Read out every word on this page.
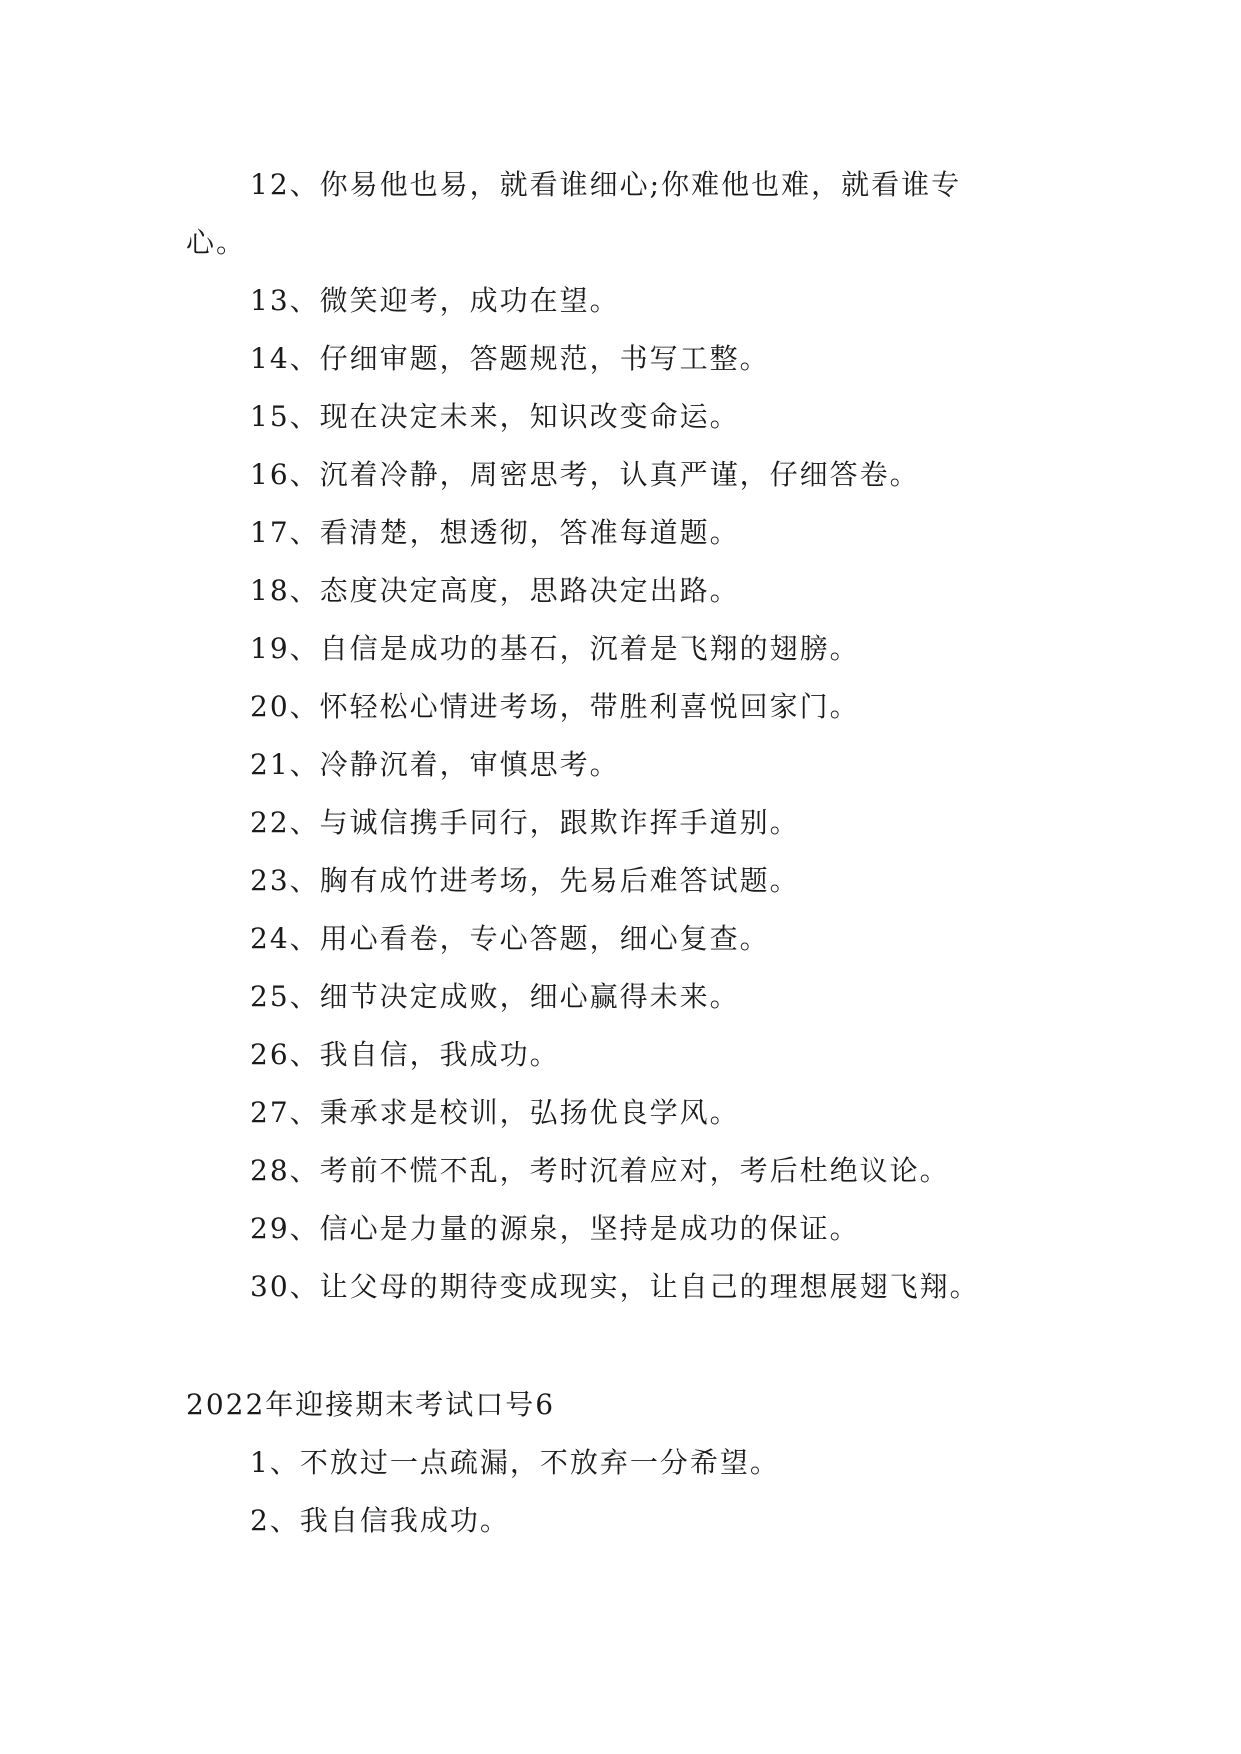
12、你易他也易，就看谁细心;你难他也难，就看谁专
心。
13、微笑迎考，成功在望。
14、仔细审题，答题规范，书写工整。
15、现在决定未来，知识改变命运。
16、沉着冷静，周密思考，认真严谨，仔细答卷。
17、看清楚，想透彻，答准每道题。
18、态度决定高度，思路决定出路。
19、自信是成功的基石，沉着是飞翔的翅膀。
20、怀轻松心情进考场，带胜利喜悦回家门。
21、冷静沉着，审慎思考。
22、与诚信携手同行，跟欺诈挥手道别。
23、胸有成竹进考场，先易后难答试题。
24、用心看卷，专心答题，细心复查。
25、细节决定成败，细心赢得未来。
26、我自信，我成功。
27、秉承求是校训，弘扬优良学风。
28、考前不慌不乱，考时沉着应对，考后杜绝议论。
29、信心是力量的源泉，坚持是成功的保证。
30、让父母的期待变成现实，让自己的理想展翅飞翔。
2022年迎接期末考试口号6
1、不放过一点疏漏，不放弃一分希望。
2、我自信我成功。
